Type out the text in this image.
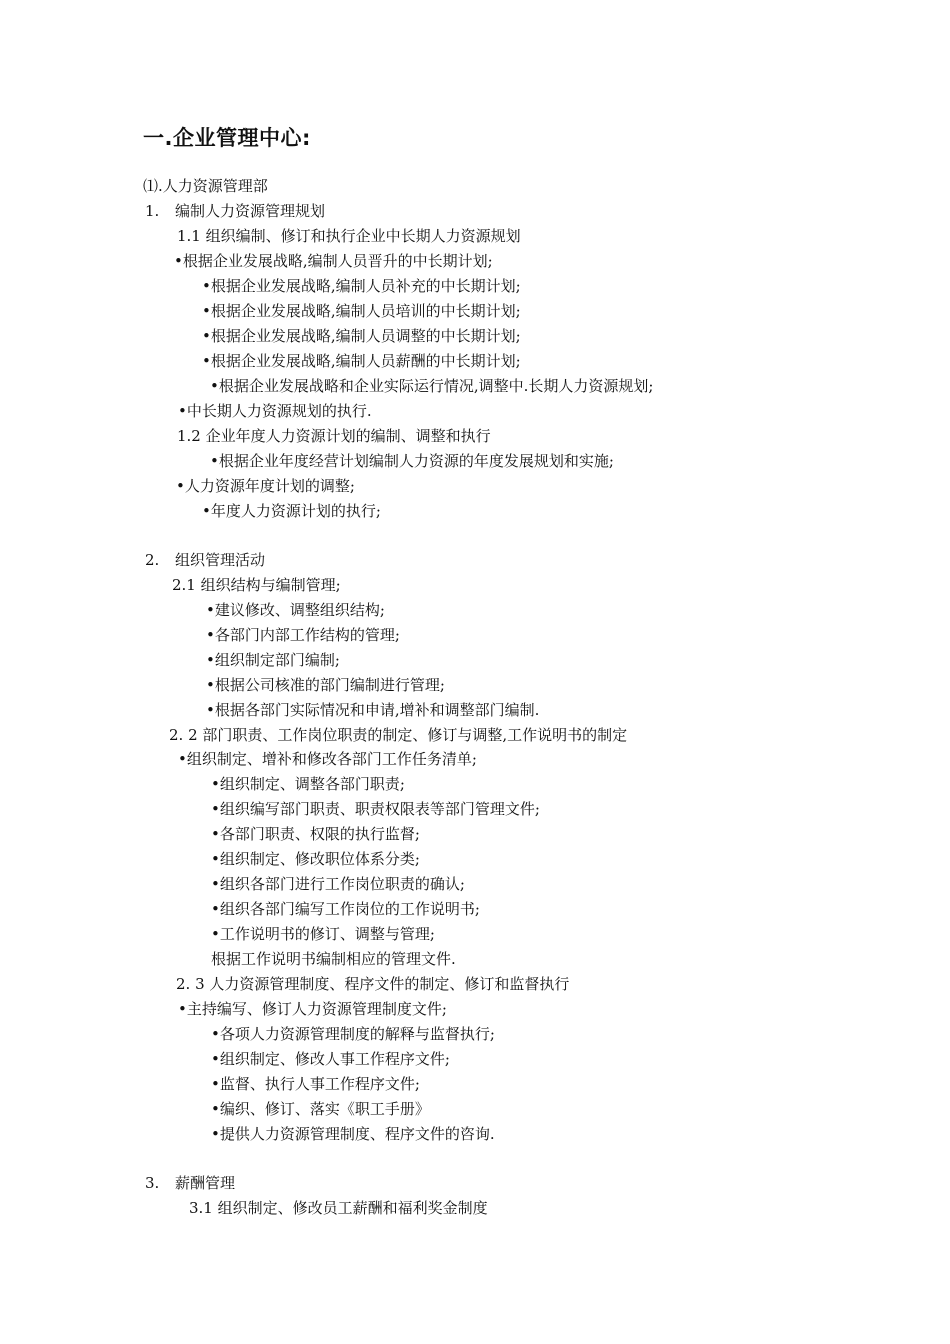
一.企业管理中心:
⑴.人力资源管理部
1. 编制人力资源管理规划
1.1 组织编制、修订和执行企业中长期人力资源规划
•根据企业发展战略,编制人员晋升的中长期计划;
•根据企业发展战略,编制人员补充的中长期计划;
•根据企业发展战略,编制人员培训的中长期计划;
•根据企业发展战略,编制人员调整的中长期计划;
•根据企业发展战略,编制人员薪酬的中长期计划;
•根据企业发展战略和企业实际运行情况,调整中.长期人力资源规划;
•中长期人力资源规划的执行.
1.2 企业年度人力资源计划的编制、调整和执行
•根据企业年度经营计划编制人力资源的年度发展规划和实施;
•人力资源年度计划的调整;
•年度人力资源计划的执行;
2. 组织管理活动
2.1 组织结构与编制管理;
•建议修改、调整组织结构;
•各部门内部工作结构的管理;
•组织制定部门编制;
•根据公司核准的部门编制进行管理;
•根据各部门实际情况和申请,增补和调整部门编制.
2. 2 部门职责、工作岗位职责的制定、修订与调整,工作说明书的制定
•组织制定、增补和修改各部门工作任务清单;
•组织制定、调整各部门职责;
•组织编写部门职责、职责权限表等部门管理文件;
•各部门职责、权限的执行监督;
•组织制定、修改职位体系分类;
•组织各部门进行工作岗位职责的确认;
•组织各部门编写工作岗位的工作说明书;
•工作说明书的修订、调整与管理;
根据工作说明书编制相应的管理文件.
2. 3 人力资源管理制度、程序文件的制定、修订和监督执行
•主持编写、修订人力资源管理制度文件;
•各项人力资源管理制度的解释与监督执行;
•组织制定、修改人事工作程序文件;
•监督、执行人事工作程序文件;
•编织、修订、落实《职工手册》
•提供人力资源管理制度、程序文件的咨询.
3. 薪酬管理
3.1 组织制定、修改员工薪酬和福利奖金制度
